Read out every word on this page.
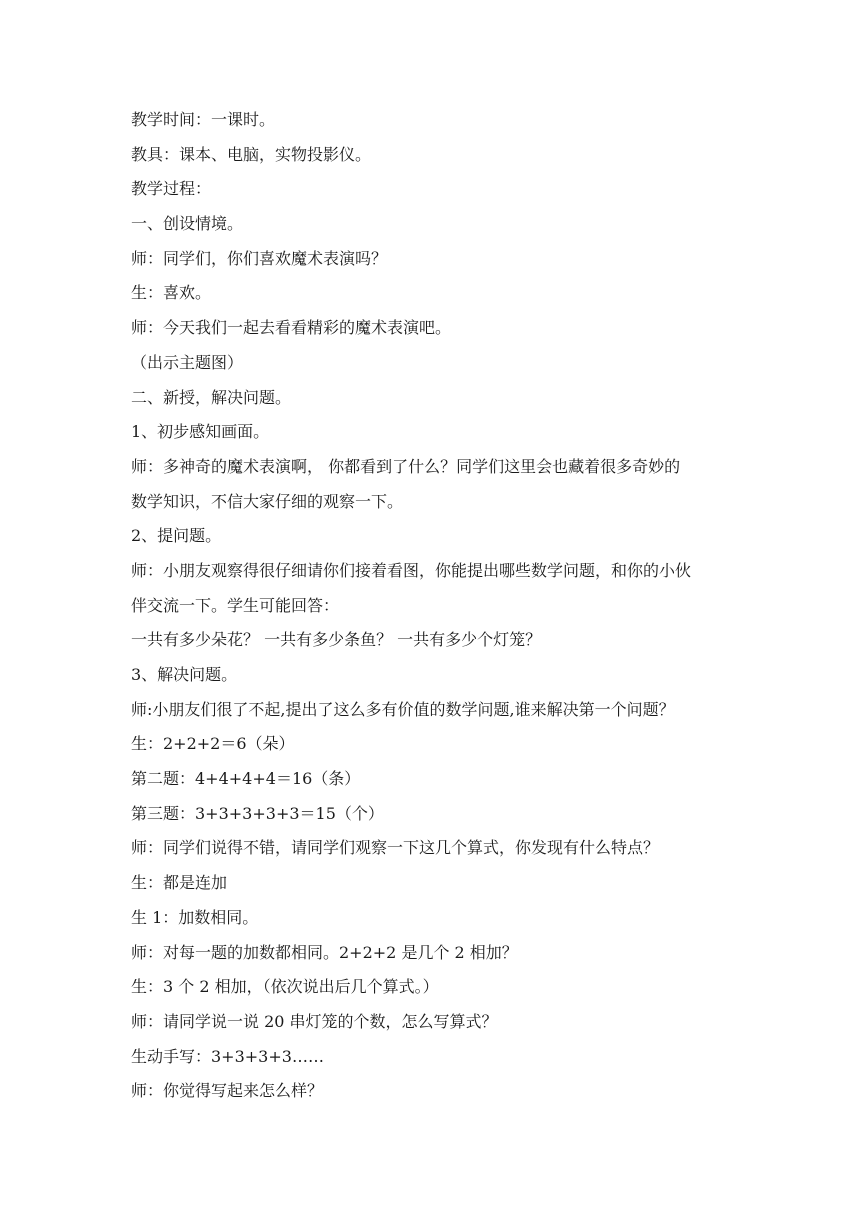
教学时间：一课时。
教具：课本、电脑，实物投影仪。
教学过程：
一、创设情境。
师：同学们，你们喜欢魔术表演吗？
生：喜欢。
师：今天我们一起去看看精彩的魔术表演吧。
（出示主题图）
二、新授，解决问题。
1、初步感知画面。
师：多神奇的魔术表演啊， 你都看到了什么？同学们这里会也藏着很多奇妙的
数学知识，不信大家仔细的观察一下。
2、提问题。
师：小朋友观察得很仔细请你们接着看图，你能提出哪些数学问题，和你的小伙
伴交流一下。学生可能回答：
一共有多少朵花？ 一共有多少条鱼？ 一共有多少个灯笼？
3、解决问题。
师:小朋友们很了不起,提出了这么多有价值的数学问题,谁来解决第一个问题？
生：2+2+2＝6（朵）
第二题：4+4+4+4＝16（条）
第三题：3+3+3+3+3＝15（个）
师：同学们说得不错，请同学们观察一下这几个算式，你发现有什么特点？
生：都是连加
生 1：加数相同。
师：对每一题的加数都相同。2+2+2 是几个 2 相加？
生：3 个 2 相加，（依次说出后几个算式。）
师：请同学说一说 20 串灯笼的个数，怎么写算式？
生动手写：3+3+3+3……
师：你觉得写起来怎么样？
